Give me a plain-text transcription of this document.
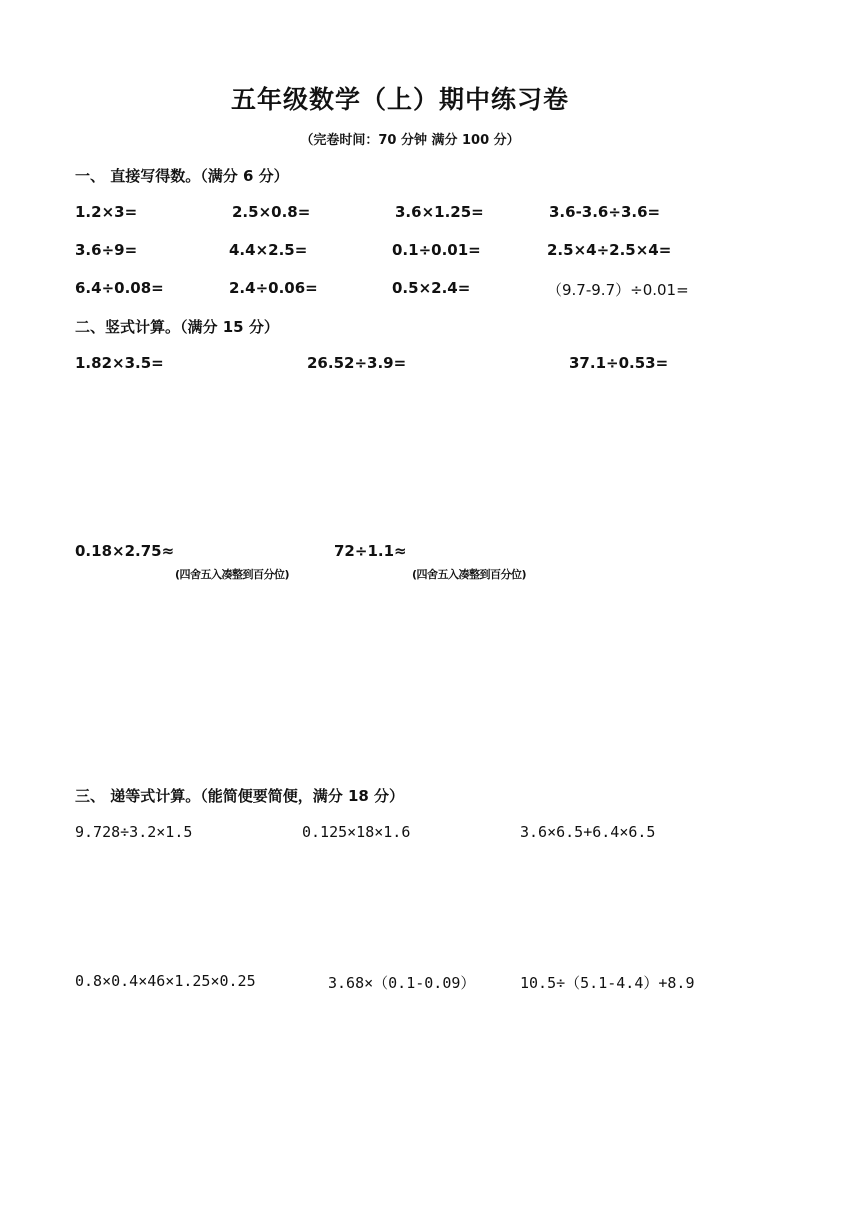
五年级数学（上）期中练习卷
（完卷时间：70 分钟 满分 100 分）
一、 直接写得数。（满分 6 分）
1.2×3=	2.5×0.8=	3.6×1.25=	3.6-3.6÷3.6=
3.6÷9=	4.4×2.5=	0.1÷0.01=	2.5×4÷2.5×4=
6.4÷0.08=	2.4÷0.06=	0.5×2.4=	（9.7-9.7）÷0.01=
二、竖式计算。（满分 15 分）
1.82×3.5=	26.52÷3.9=	37.1÷0.53=
0.18×2.75≈	72÷1.1≈
(四舍五入凑整到百分位)	(四舍五入凑整到百分位)
三、 递等式计算。（能简便要简便，满分 18 分）
9.728÷3.2×1.5	0.125×18×1.6	3.6×6.5+6.4×6.5
0.8×0.4×46×1.25×0.25	3.68×（0.1-0.09）	10.5÷（5.1-4.4）+8.9
